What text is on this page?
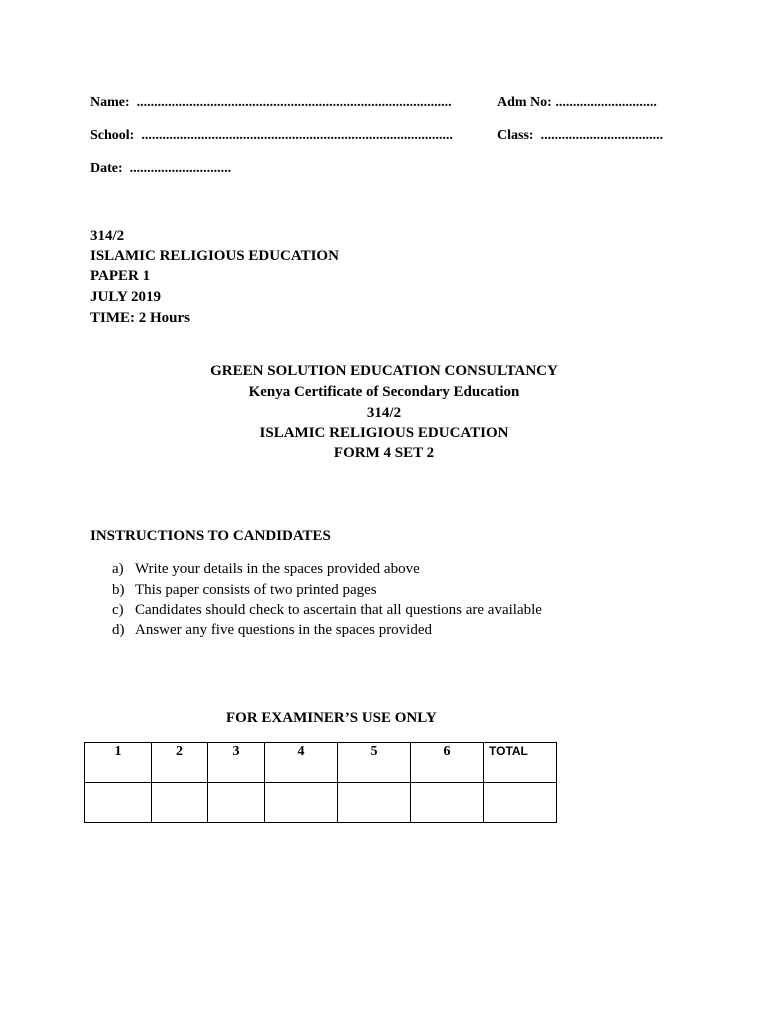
Name: ..........................................................................................	Adm No: .............................
School: .........................................................................................	Class: ...................................
Date: .............................
314/2
ISLAMIC RELIGIOUS EDUCATION
PAPER 1
JULY 2019
TIME: 2 Hours
GREEN SOLUTION EDUCATION CONSULTANCY
Kenya Certificate of Secondary Education
314/2
ISLAMIC RELIGIOUS EDUCATION
FORM 4 SET 2
INSTRUCTIONS TO CANDIDATES
a) Write your details in the spaces provided above
b) This paper consists of two printed pages
c) Candidates should check to ascertain that all questions are available
d) Answer any five questions in the spaces provided
FOR EXAMINER’S USE ONLY
1	2	3	4	5	6	TOTAL
